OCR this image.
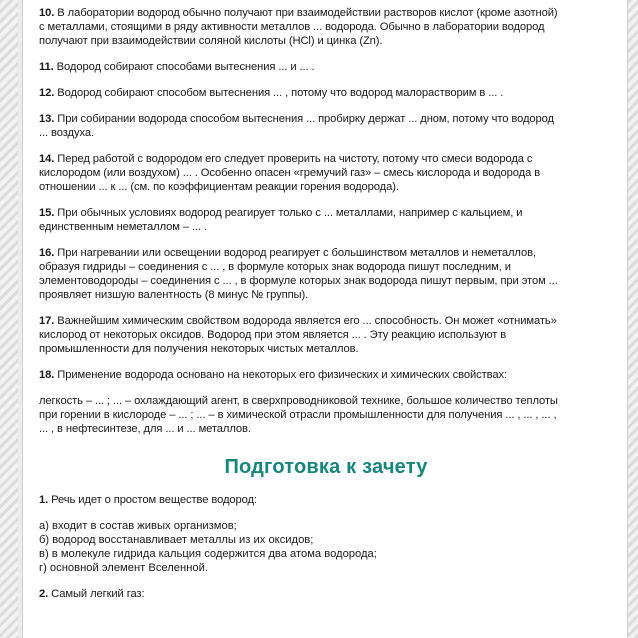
10. В лаборатории водород обычно получают при взаимодействии растворов кислот (кроме азотной)
с металлами, стоящими в ряду активности металлов ... водорода. Обычно в лаборатории водород
получают при взаимодействии соляной кислоты (HCl) и цинка (Zn).
11. Водород собирают способами вытеснения ... и ... .
12. Водород собирают способом вытеснения ... , потому что водород малорастворим в ... .
13. При собирании водорода способом вытеснения ... пробирку держат ... дном, потому что водород
... воздуха.
14. Перед работой с водородом его следует проверить на чистоту, потому что смеси водорода с
кислородом (или воздухом) ... . Особенно опасен «гремучий газ» – смесь кислорода и водорода в
отношении ... к ... (см. по коэффициентам реакции горения водорода).
15. При обычных условиях водород реагирует только с ... металлами, например с кальцием, и
единственным неметаллом – ... .
16. При нагревании или освещении водород реагирует с большинством металлов и неметаллов,
образуя гидриды – соединения с ... , в формуле которых знак водорода пишут последним, и
элементоводороды – соединения с ... , в формуле которых знак водорода пишут первым, при этом ...
проявляет низшую валентность (8 минус № группы).
17. Важнейшим химическим свойством водорода является его ... способность. Он может «отнимать»
кислород от некоторых оксидов. Водород при этом является ... . Эту реакцию используют в
промышленности для получения некоторых чистых металлов.
18. Применение водорода основано на некоторых его физических и химических свойствах:
легкость – ... ; ... – охлаждающий агент, в сверхпроводниковой технике, большое количество теплоты
при горении в кислороде – ... ; ... – в химической отрасли промышленности для получения ... , ... , ... ,
... , в нефтесинтезе, для ... и ... металлов.
Подготовка к зачету
1. Речь идет о простом веществе водород:
а) входит в состав живых организмов;
б) водород восстанавливает металлы из их оксидов;
в) в молекуле гидрида кальция содержится два атома водорода;
г) основной элемент Вселенной.
2. Самый легкий газ:
